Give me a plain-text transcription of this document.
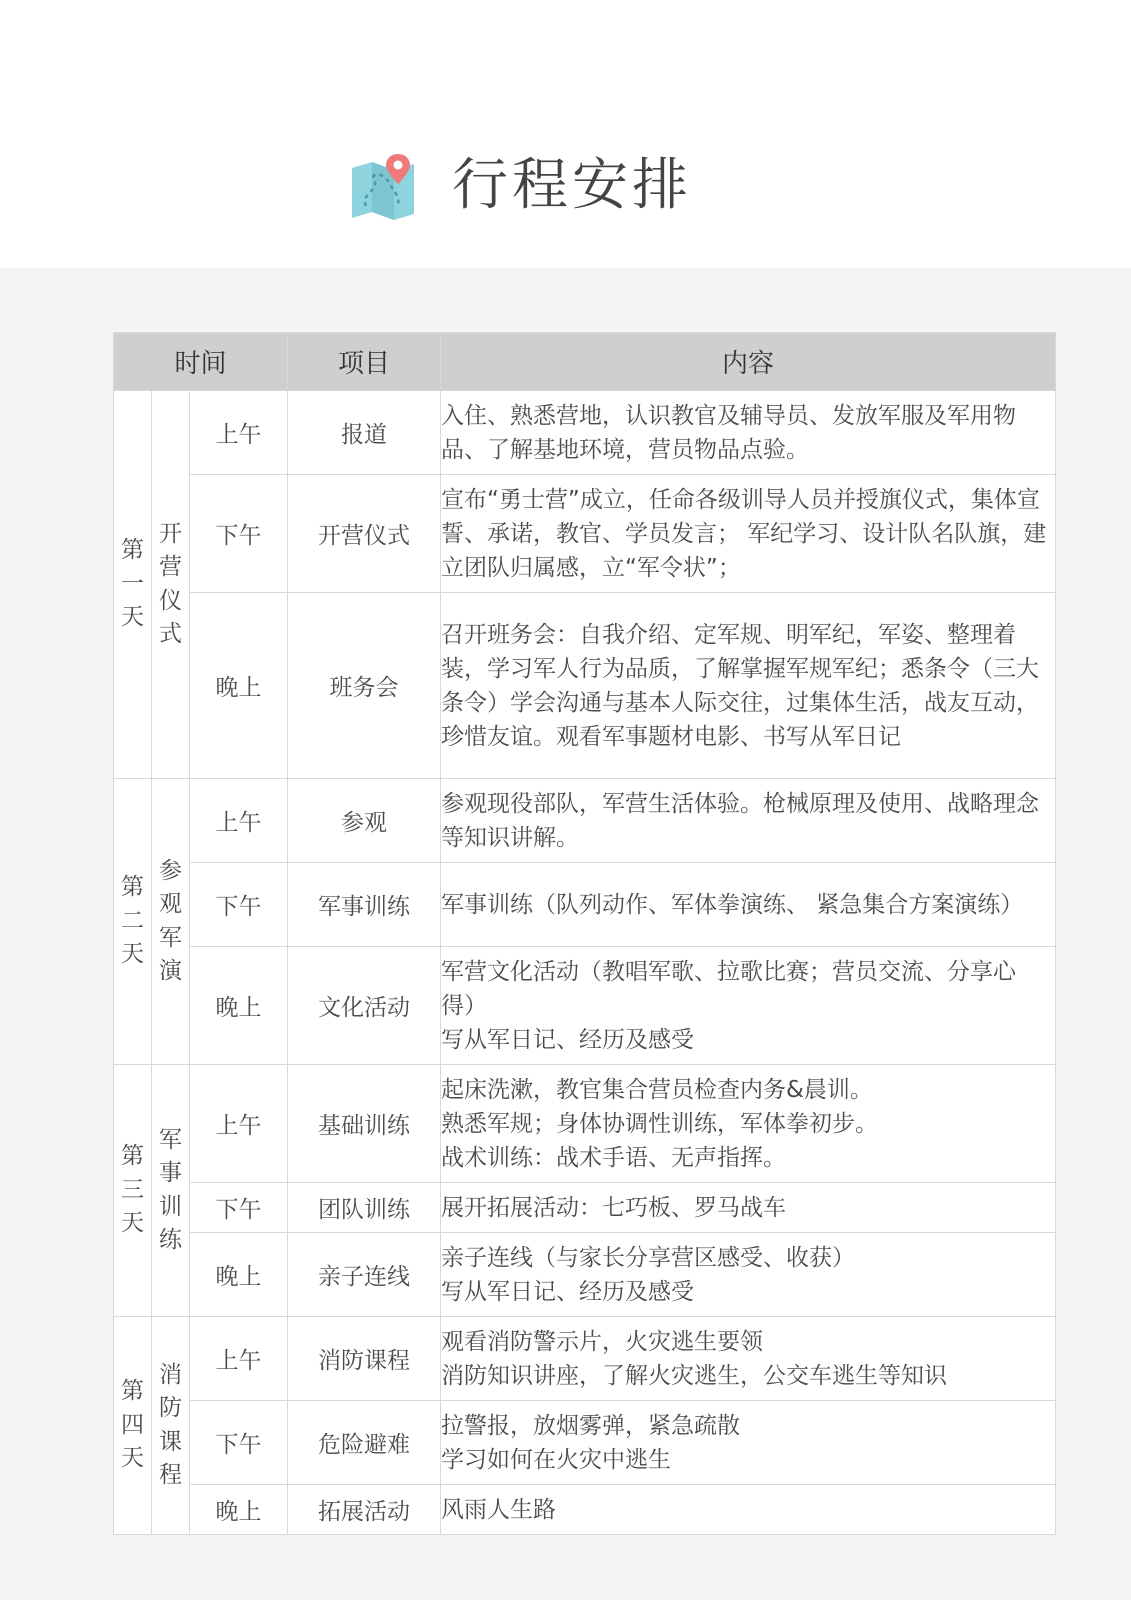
行程安排
时间			项目	内容
第一天	开营仪式	上午	报道	入住、熟悉营地，认识教官及辅导员、发放军服及军用物品、了解基地环境，营员物品点验。
		下午	开营仪式	宣布“勇士营”成立，任命各级训导人员并授旗仪式，集体宣誓、承诺，教官、学员发言； 军纪学习、设计队名队旗，建立团队归属感，立“军令状”；
		晚上	班务会	召开班务会：自我介绍、定军规、明军纪，军姿、整理着装，学习军人行为品质，了解掌握军规军纪；悉条令（三大条令）学会沟通与基本人际交往，过集体生活，战友互动，珍惜友谊。观看军事题材电影、书写从军日记
第二天	参观军演	上午	参观	参观现役部队，军营生活体验。枪械原理及使用、战略理念等知识讲解。
		下午	军事训练	军事训练（队列动作、军体拳演练、 紧急集合方案演练）
		晚上	文化活动	军营文化活动（教唱军歌、拉歌比赛；营员交流、分享心得）
写从军日记、经历及感受
第三天	军事训练	上午	基础训练	起床洗漱，教官集合营员检查内务&晨训。
熟悉军规；身体协调性训练，军体拳初步。
战术训练：战术手语、无声指挥。
		下午	团队训练	展开拓展活动：七巧板、罗马战车
		晚上	亲子连线	亲子连线（与家长分享营区感受、收获）
写从军日记、经历及感受
第四天	消防课程	上午	消防课程	观看消防警示片，火灾逃生要领
消防知识讲座，了解火灾逃生，公交车逃生等知识
		下午	危险避难	拉警报，放烟雾弹，紧急疏散
学习如何在火灾中逃生
		晚上	拓展活动	风雨人生路
